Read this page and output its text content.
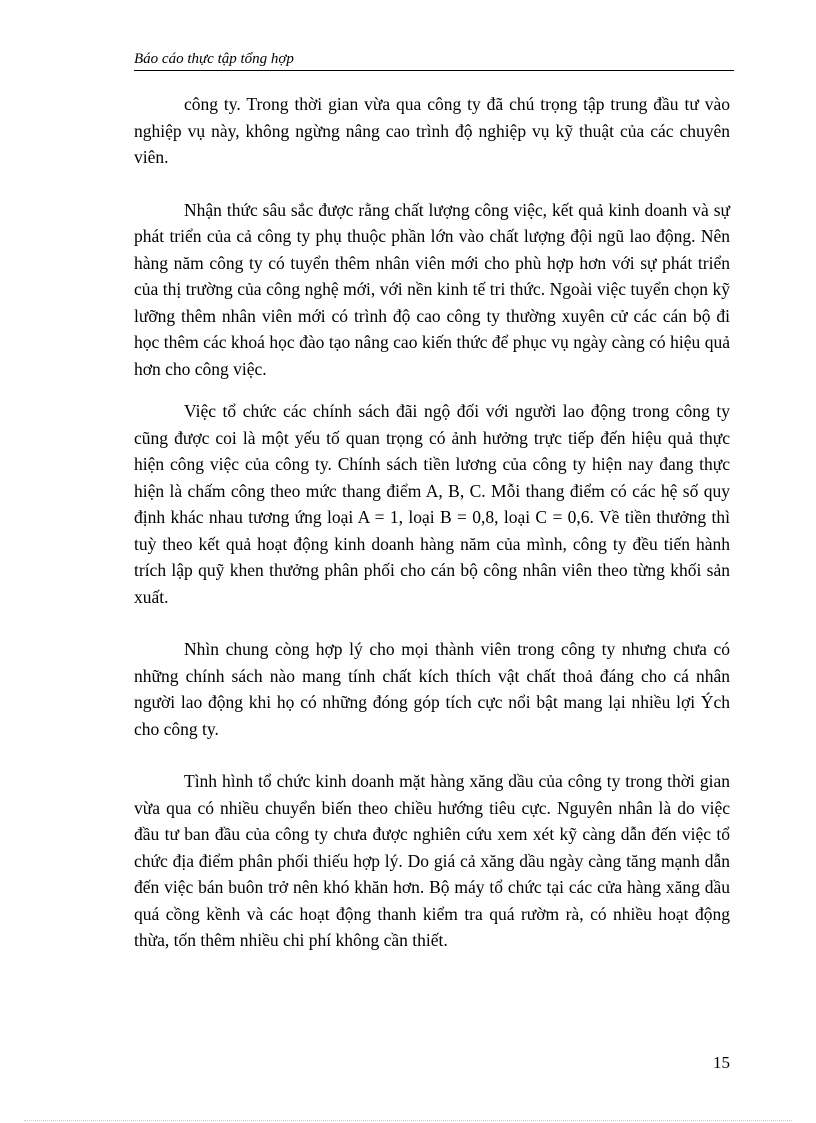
Báo cáo thực tập tổng hợp

công ty. Trong thời gian vừa qua công ty đã chú trọng tập trung đầu tư vào nghiệp vụ này, không ngừng nâng cao trình độ nghiệp vụ kỹ thuật của các chuyên viên.

Nhận thức sâu sắc được rằng chất lượng công việc, kết quả kinh doanh và sự phát triển của cả công ty phụ thuộc phần lớn vào chất lượng đội ngũ lao động. Nên hàng năm công ty có tuyển thêm nhân viên mới cho phù hợp hơn với sự phát triển của thị trường của công nghệ mới, với nền kinh tế tri thức. Ngoài việc tuyển chọn kỹ lưỡng thêm nhân viên mới có trình độ cao công ty thường xuyên cử các cán bộ đi học thêm các khoá học đào tạo nâng cao kiến thức để phục vụ ngày càng có hiệu quả hơn cho công việc.

Việc tổ chức các chính sách đãi ngộ đối với người lao động trong công ty cũng được coi là một yếu tố quan trọng có ảnh hưởng trực tiếp đến hiệu quả thực hiện công việc của công ty. Chính sách tiền lương của công ty hiện nay đang thực hiện là chấm công theo mức thang điểm A, B, C. Mỗi thang điểm có các hệ số quy định khác nhau tương ứng loại A = 1, loại B = 0,8, loại C = 0,6. Về tiền thưởng thì tuỳ theo kết quả hoạt động kinh doanh hàng năm của mình, công ty đều tiến hành trích lập quỹ khen thưởng phân phối cho cán bộ công nhân viên theo từng khối sản xuất.

Nhìn chung còng hợp lý cho mọi thành viên trong công ty nhưng chưa có những chính sách nào mang tính chất kích thích vật chất thoả đáng cho cá nhân người lao động khi họ có những đóng góp tích cực nổi bật mang lại nhiều lợi Ých cho công ty.

Tình hình tổ chức kinh doanh mặt hàng xăng dầu của công ty trong thời gian vừa qua có nhiều chuyển biến theo chiều hướng tiêu cực. Nguyên nhân là do việc đầu tư ban đầu của công ty chưa được nghiên cứu xem xét kỹ càng dẫn đến việc tổ chức địa điểm phân phối thiếu hợp lý. Do giá cả xăng dầu ngày càng tăng mạnh dẫn đến việc bán buôn trở nên khó khăn hơn. Bộ máy tổ chức tại các cửa hàng xăng dầu quá cồng kềnh và các hoạt động thanh kiểm tra quá rườm rà, có nhiều hoạt động thừa, tốn thêm nhiều chi phí không cần thiết.

15
